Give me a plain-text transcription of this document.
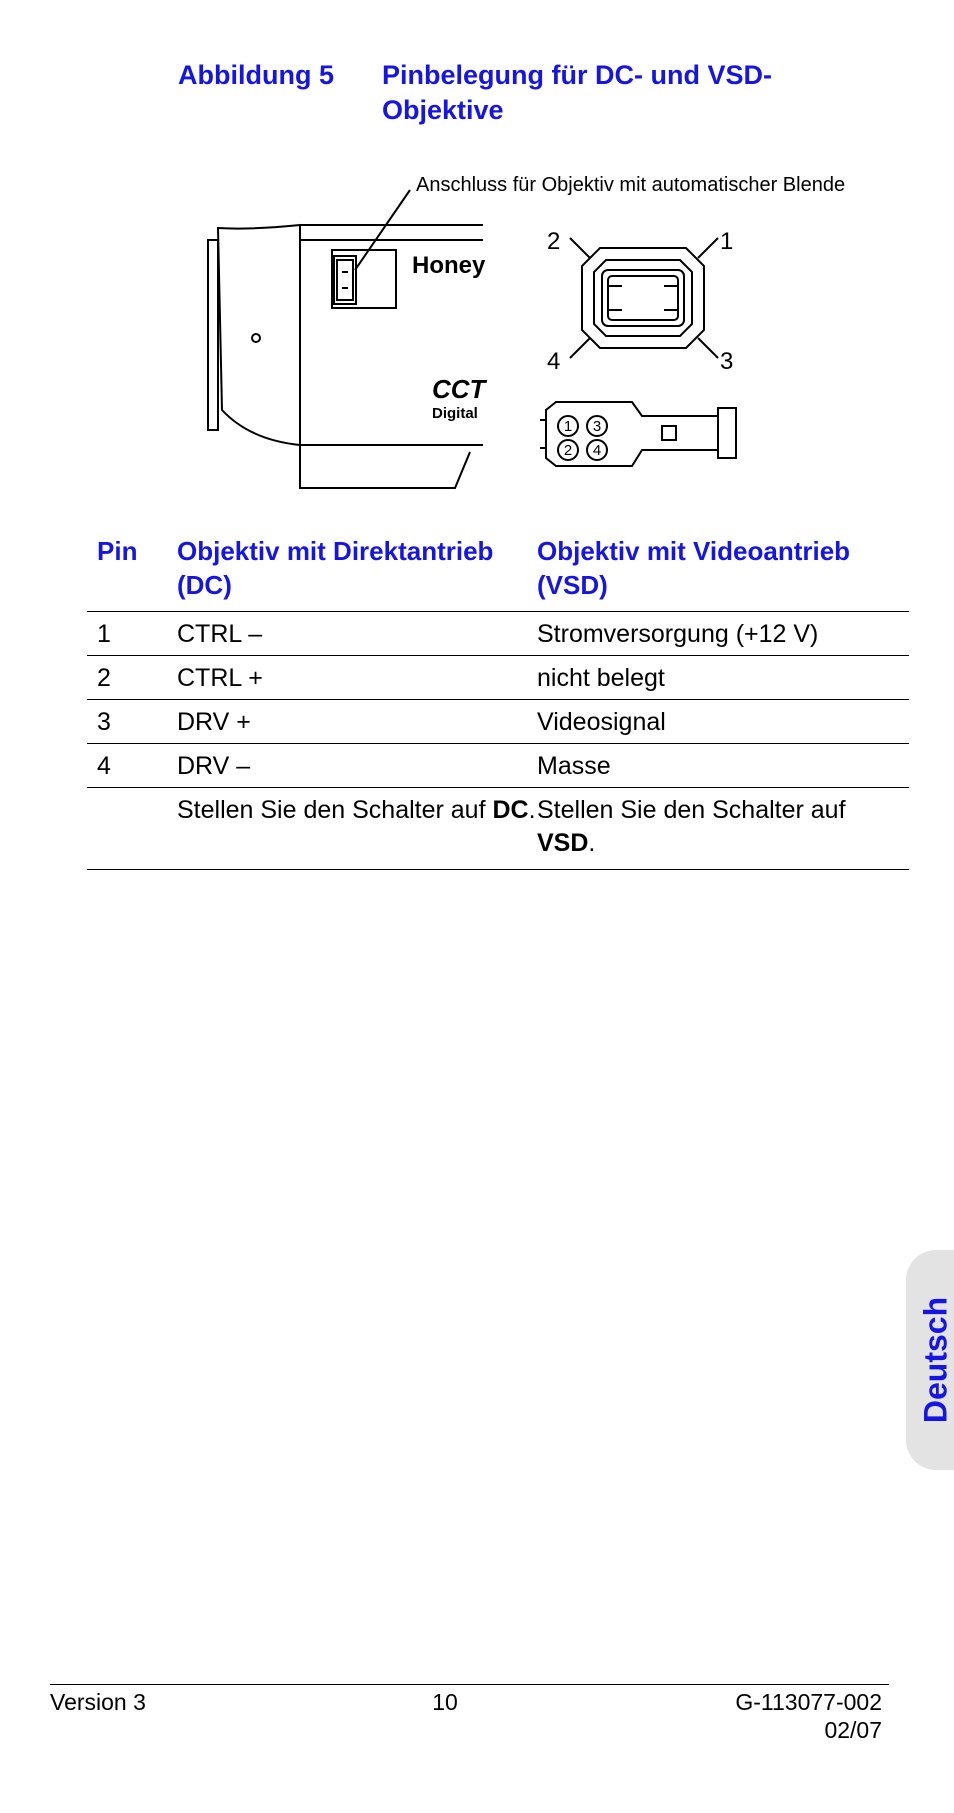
Abbildung 5 Pinbelegung für DC- und VSD-Objektive
Honey
CCT
Digital
1 3
2 4
Anschluss für Objektiv mit automatischer Blende
1
2
3
4
Pin	Objektiv mit Direktantrieb (DC)	Objektiv mit Videoantrieb (VSD)
1	CTRL –	Stromversorgung (+12 V)
2	CTRL +	nicht belegt
3	DRV +	Videosignal
4	DRV –	Masse
	Stellen Sie den Schalter auf DC.	Stellen Sie den Schalter auf VSD.
Deutsch
Version 3	10	G-113077-002
02/07
